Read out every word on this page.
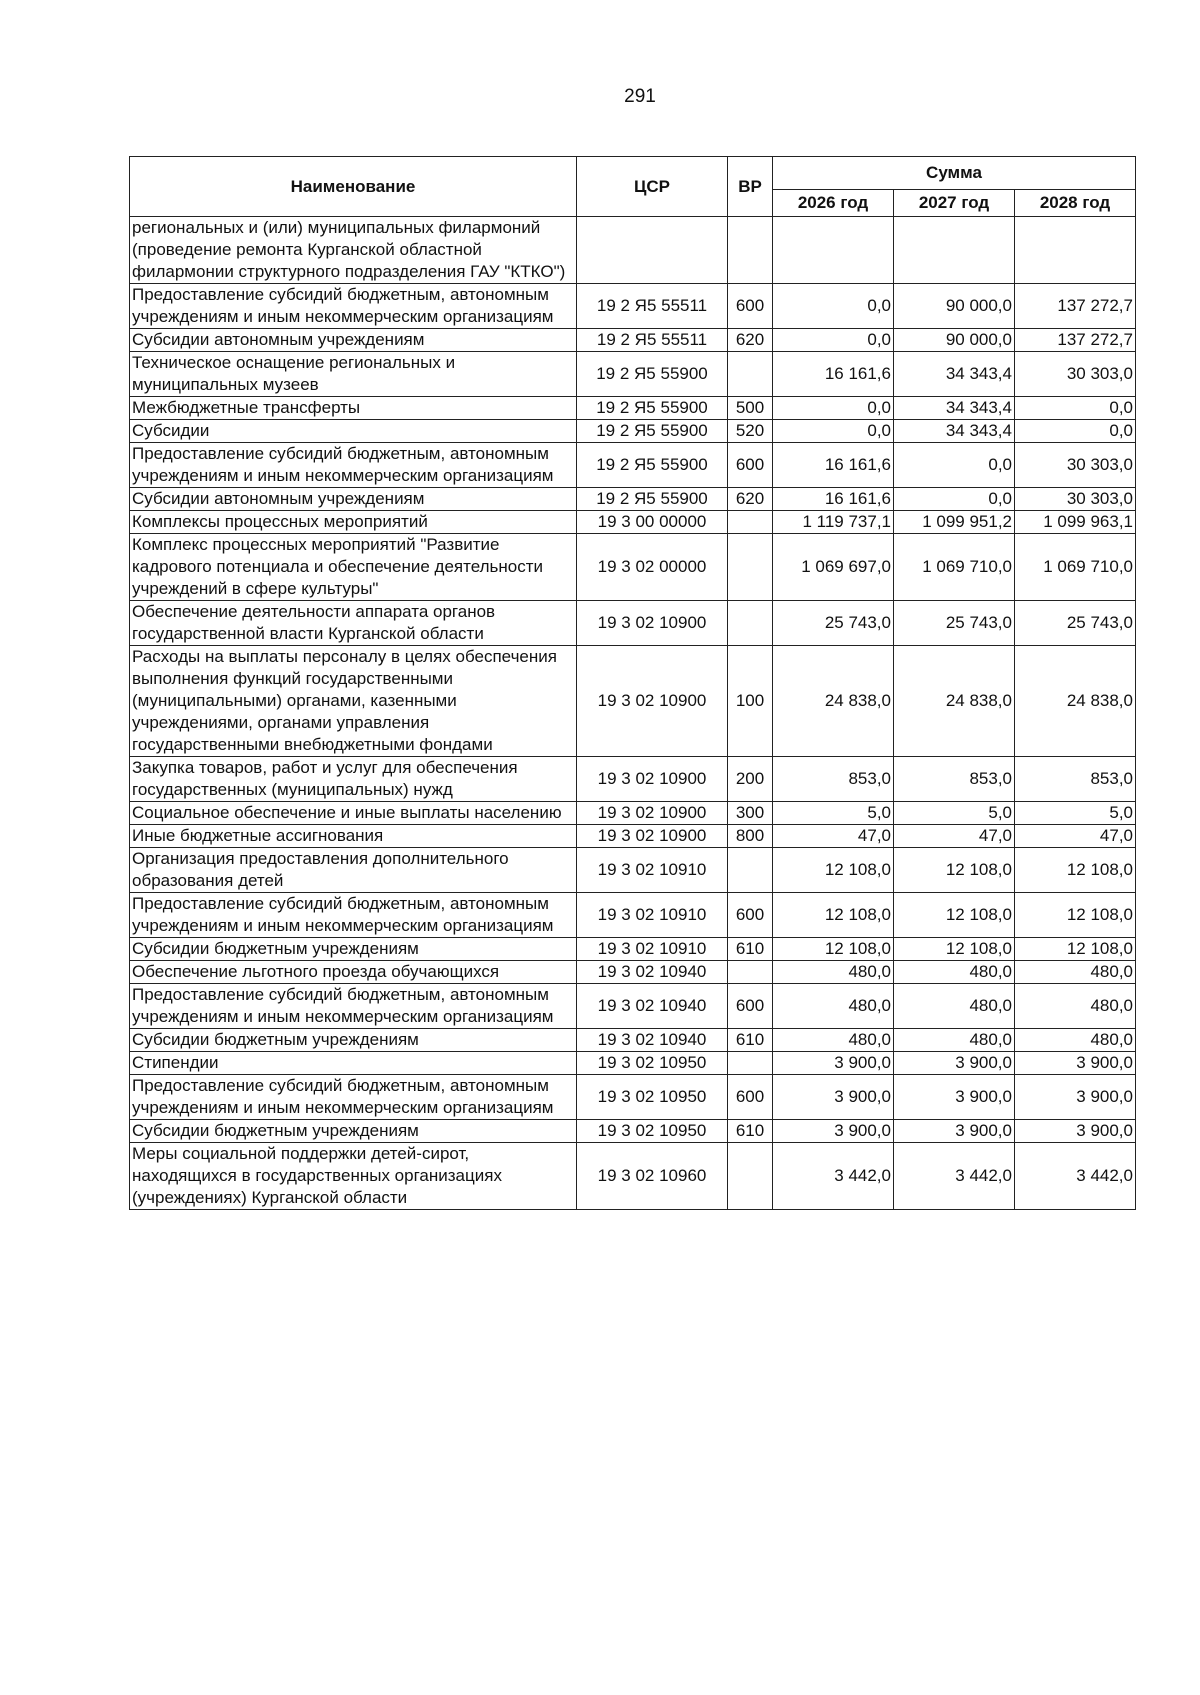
291
Наименование	ЦСР	ВР	Сумма		
			2026 год	2027 год	2028 год
региональных и (или) муниципальных филармоний (проведение ремонта Курганской областной филармонии структурного подразделения ГАУ "КТКО")					
Предоставление субсидий бюджетным, автономным учреждениям и иным некоммерческим организациям	19 2 Я5 55511	600	0,0	90 000,0	137 272,7
Субсидии автономным учреждениям	19 2 Я5 55511	620	0,0	90 000,0	137 272,7
Техническое оснащение региональных и муниципальных музеев	19 2 Я5 55900		16 161,6	34 343,4	30 303,0
Межбюджетные трансферты	19 2 Я5 55900	500	0,0	34 343,4	0,0
Субсидии	19 2 Я5 55900	520	0,0	34 343,4	0,0
Предоставление субсидий бюджетным, автономным учреждениям и иным некоммерческим организациям	19 2 Я5 55900	600	16 161,6	0,0	30 303,0
Субсидии автономным учреждениям	19 2 Я5 55900	620	16 161,6	0,0	30 303,0
Комплексы процессных мероприятий	19 3 00 00000		1 119 737,1	1 099 951,2	1 099 963,1
Комплекс процессных мероприятий "Развитие кадрового потенциала и обеспечение деятельности учреждений в сфере культуры"	19 3 02 00000		1 069 697,0	1 069 710,0	1 069 710,0
Обеспечение деятельности аппарата органов государственной власти Курганской области	19 3 02 10900		25 743,0	25 743,0	25 743,0
Расходы на выплаты персоналу в целях обеспечения выполнения функций государственными (муниципальными) органами, казенными учреждениями, органами управления государственными внебюджетными фондами	19 3 02 10900	100	24 838,0	24 838,0	24 838,0
Закупка товаров, работ и услуг для обеспечения государственных (муниципальных) нужд	19 3 02 10900	200	853,0	853,0	853,0
Социальное обеспечение и иные выплаты населению	19 3 02 10900	300	5,0	5,0	5,0
Иные бюджетные ассигнования	19 3 02 10900	800	47,0	47,0	47,0
Организация предоставления дополнительного образования детей	19 3 02 10910		12 108,0	12 108,0	12 108,0
Предоставление субсидий бюджетным, автономным учреждениям и иным некоммерческим организациям	19 3 02 10910	600	12 108,0	12 108,0	12 108,0
Субсидии бюджетным учреждениям	19 3 02 10910	610	12 108,0	12 108,0	12 108,0
Обеспечение льготного проезда обучающихся	19 3 02 10940		480,0	480,0	480,0
Предоставление субсидий бюджетным, автономным учреждениям и иным некоммерческим организациям	19 3 02 10940	600	480,0	480,0	480,0
Субсидии бюджетным учреждениям	19 3 02 10940	610	480,0	480,0	480,0
Стипендии	19 3 02 10950		3 900,0	3 900,0	3 900,0
Предоставление субсидий бюджетным, автономным учреждениям и иным некоммерческим организациям	19 3 02 10950	600	3 900,0	3 900,0	3 900,0
Субсидии бюджетным учреждениям	19 3 02 10950	610	3 900,0	3 900,0	3 900,0
Меры социальной поддержки детей-сирот, находящихся в государственных организациях (учреждениях) Курганской области	19 3 02 10960		3 442,0	3 442,0	3 442,0
